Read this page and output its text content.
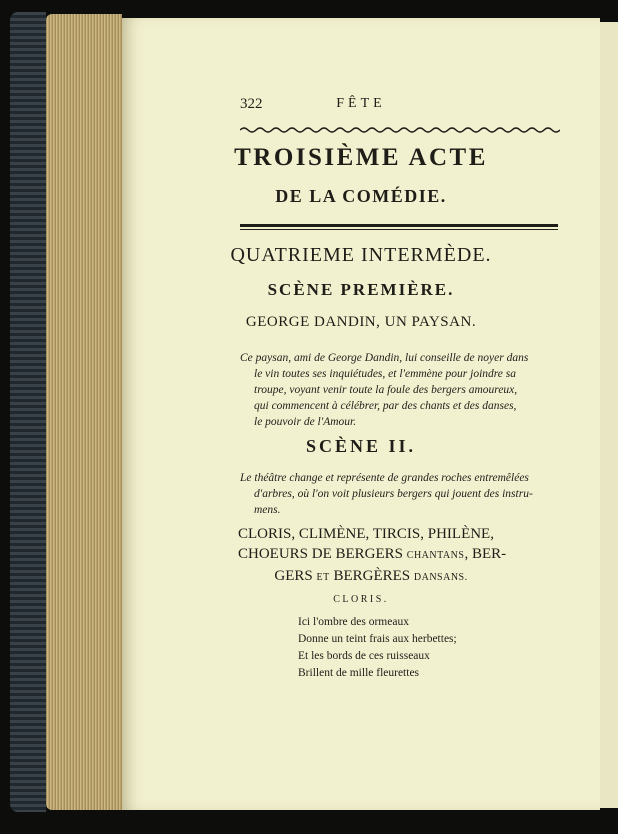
322	FÊTE
TROISIÈME ACTE
DE LA COMÉDIE.
QUATRIEME INTERMÈDE.
SCÈNE PREMIÈRE.
GEORGE DANDIN, UN PAYSAN.
Ce paysan, ami de George Dandin, lui conseille de noyer dans
le vin toutes ses inquiétudes, et l'emmène pour joindre sa
troupe, voyant venir toute la foule des bergers amoureux,
qui commencent à célébrer, par des chants et des danses,
le pouvoir de l'Amour.
SCÈNE II.
Le théâtre change et représente de grandes roches entremêlées
d'arbres, où l'on voit plusieurs bergers qui jouent des instru-
mens.
CLORIS, CLIMÈNE, TIRCIS, PHILÈNE,
CHOEURS DE BERGERS CHANTANS, BER-
GERS ET BERGÈRES DANSANS.
CLORIS.
Ici l'ombre des ormeaux
Donne un teint frais aux herbettes;
Et les bords de ces ruisseaux
Brillent de mille fleurettes
